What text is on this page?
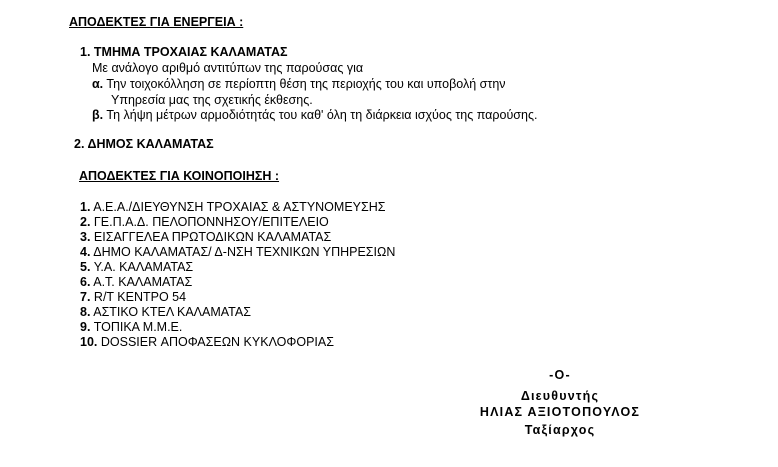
ΑΠΟΔΕΚΤΕΣ ΓΙΑ ΕΝΕΡΓΕΙΑ :
1. ΤΜΗΜΑ ΤΡΟΧΑΙΑΣ ΚΑΛΑΜΑΤΑΣ
Με ανάλογο αριθμό αντιτύπων της παρούσας για
α. Την τοιχοκόλληση σε περίοπτη θέση της περιοχής του και υποβολή στην
Υπηρεσία μας της σχετικής έκθεσης.
β. Τη λήψη μέτρων αρμοδιότητάς του καθ' όλη τη διάρκεια ισχύος της παρούσης.
2. ΔΗΜΟΣ ΚΑΛΑΜΑΤΑΣ
ΑΠΟΔΕΚΤΕΣ ΓΙΑ ΚΟΙΝΟΠΟΙΗΣΗ :
1. Α.Ε.Α./ΔΙΕΥΘΥΝΣΗ ΤΡΟΧΑΙΑΣ & ΑΣΤΥΝΟΜΕΥΣΗΣ
2. ΓΕ.Π.Α.Δ. ΠΕΛΟΠΟΝΝΗΣΟΥ/ΕΠΙΤΕΛΕΙΟ
3. ΕΙΣΑΓΓΕΛΕΑ ΠΡΩΤΟΔΙΚΩΝ ΚΑΛΑΜΑΤΑΣ
4. ΔΗΜΟ ΚΑΛΑΜΑΤΑΣ/ Δ-ΝΣΗ ΤΕΧΝΙΚΩΝ ΥΠΗΡΕΣΙΩΝ
5. Υ.Α. ΚΑΛΑΜΑΤΑΣ
6. Α.Τ. ΚΑΛΑΜΑΤΑΣ
7. R/T ΚΕΝΤΡΟ 54
8. ΑΣΤΙΚΟ ΚΤΕΛ ΚΑΛΑΜΑΤΑΣ
9. ΤΟΠΙΚΑ Μ.Μ.Ε.
10. DOSSIER ΑΠΟΦΑΣΕΩΝ ΚΥΚΛΟΦΟΡΙΑΣ
-Ο-
Διευθυντής
ΗΛΙΑΣ ΑΞΙΟΤΟΠΟΥΛΟΣ
Ταξίαρχος
